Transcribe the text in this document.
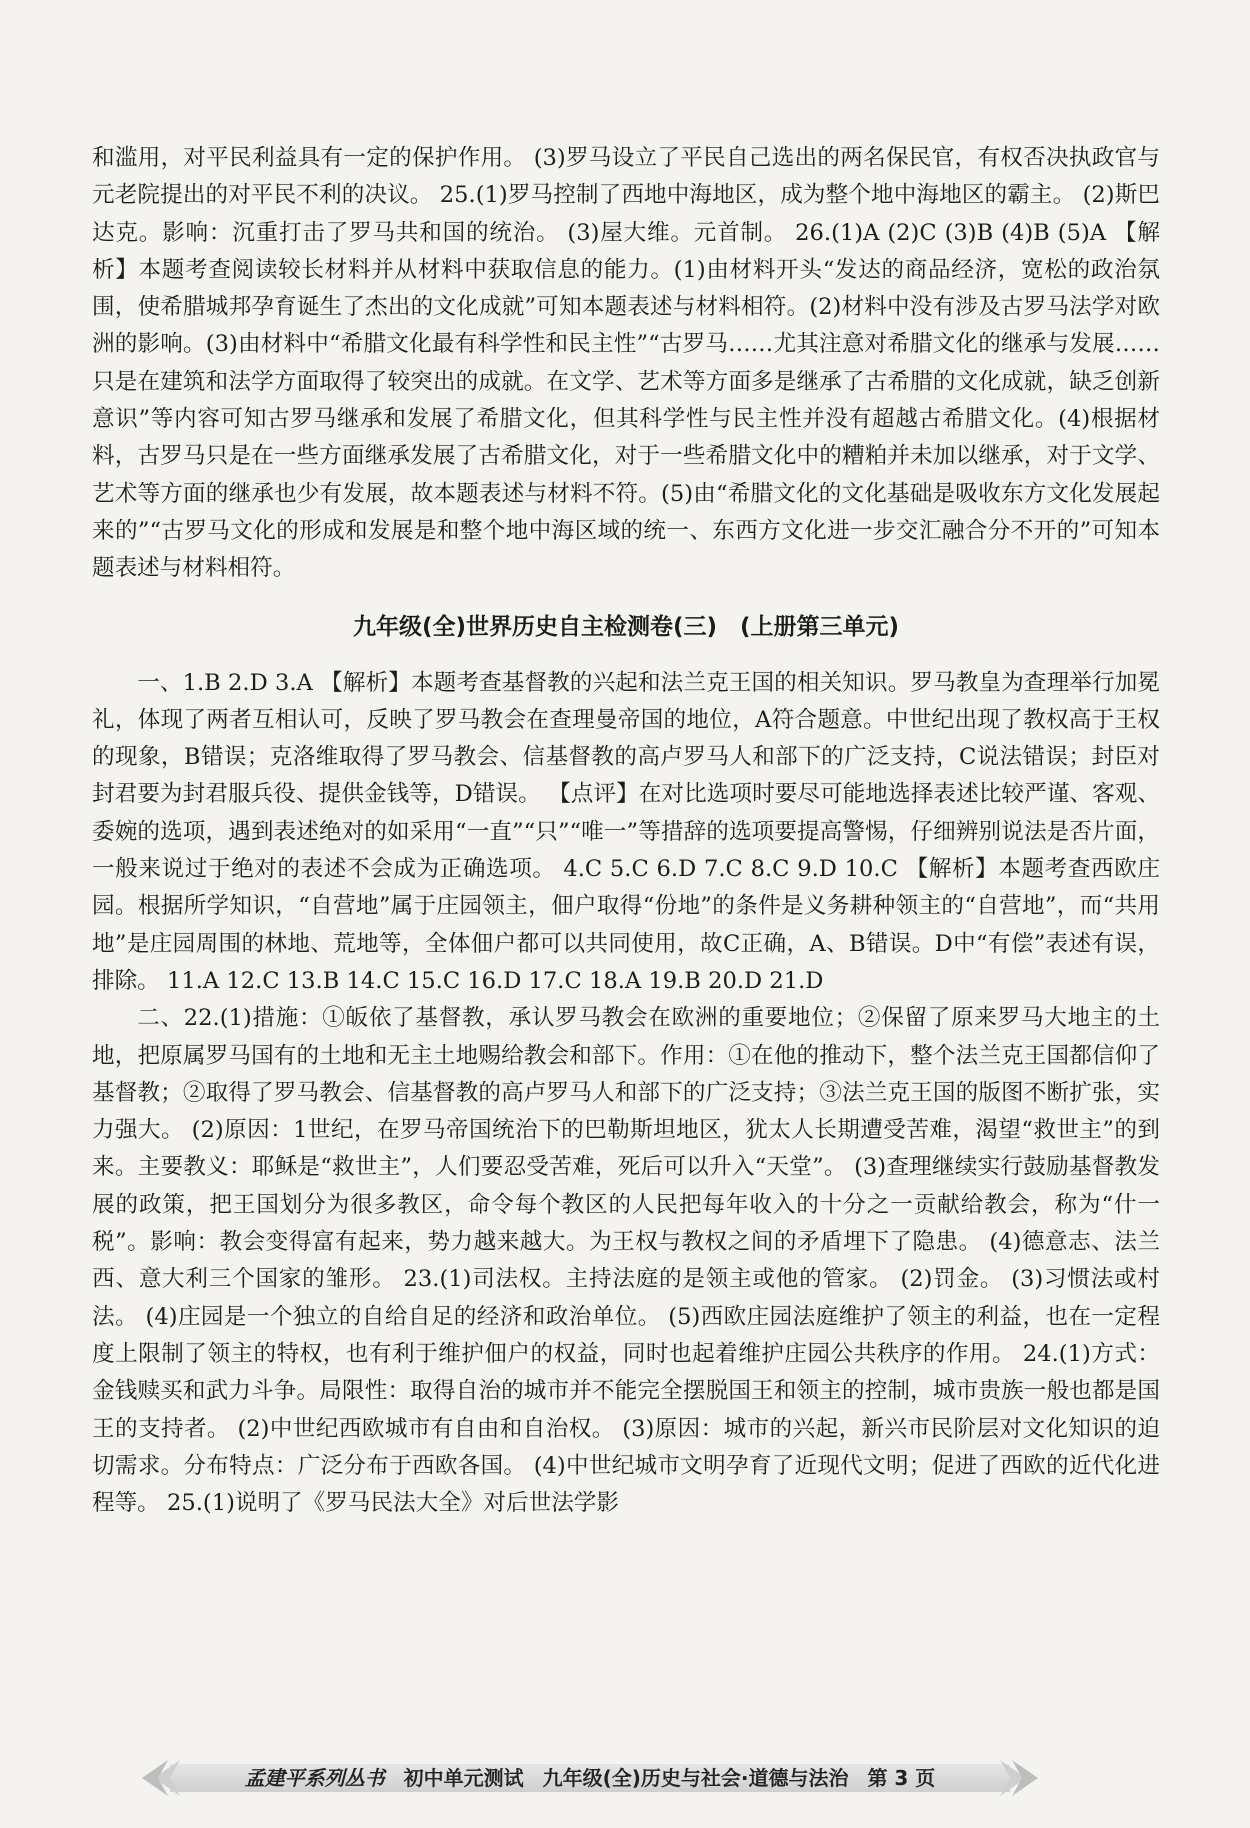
和滥用，对平民利益具有一定的保护作用。 (3)罗马设立了平民自己选出的两名保民官，有权否决执政官与元老院提出的对平民不利的决议。 25.(1)罗马控制了西地中海地区，成为整个地中海地区的霸主。 (2)斯巴达克。影响：沉重打击了罗马共和国的统治。 (3)屋大维。元首制。 26.(1)A (2)C (3)B (4)B (5)A 【解析】本题考查阅读较长材料并从材料中获取信息的能力。(1)由材料开头“发达的商品经济，宽松的政治氛围，使希腊城邦孕育诞生了杰出的文化成就”可知本题表述与材料相符。(2)材料中没有涉及古罗马法学对欧洲的影响。(3)由材料中“希腊文化最有科学性和民主性”“古罗马……尤其注意对希腊文化的继承与发展……只是在建筑和法学方面取得了较突出的成就。在文学、艺术等方面多是继承了古希腊的文化成就，缺乏创新意识”等内容可知古罗马继承和发展了希腊文化，但其科学性与民主性并没有超越古希腊文化。(4)根据材料，古罗马只是在一些方面继承发展了古希腊文化，对于一些希腊文化中的糟粕并未加以继承，对于文学、艺术等方面的继承也少有发展，故本题表述与材料不符。(5)由“希腊文化的文化基础是吸收东方文化发展起来的”“古罗马文化的形成和发展是和整个地中海区域的统一、东西方文化进一步交汇融合分不开的”可知本题表述与材料相符。

九年级(全)世界历史自主检测卷(三)　(上册第三单元)

一、1.B 2.D 3.A 【解析】本题考查基督教的兴起和法兰克王国的相关知识。罗马教皇为查理举行加冕礼，体现了两者互相认可，反映了罗马教会在查理曼帝国的地位，A符合题意。中世纪出现了教权高于王权的现象，B错误；克洛维取得了罗马教会、信基督教的高卢罗马人和部下的广泛支持，C说法错误；封臣对封君要为封君服兵役、提供金钱等，D错误。 【点评】在对比选项时要尽可能地选择表述比较严谨、客观、委婉的选项，遇到表述绝对的如采用“一直”“只”“唯一”等措辞的选项要提高警惕，仔细辨别说法是否片面，一般来说过于绝对的表述不会成为正确选项。 4.C 5.C 6.D 7.C 8.C 9.D 10.C 【解析】本题考查西欧庄园。根据所学知识，“自营地”属于庄园领主，佃户取得“份地”的条件是义务耕种领主的“自营地”，而“共用地”是庄园周围的林地、荒地等，全体佃户都可以共同使用，故C正确，A、B错误。D中“有偿”表述有误，排除。 11.A 12.C 13.B 14.C 15.C 16.D 17.C 18.A 19.B 20.D 21.D

二、22.(1)措施：①皈依了基督教，承认罗马教会在欧洲的重要地位；②保留了原来罗马大地主的土地，把原属罗马国有的土地和无主土地赐给教会和部下。作用：①在他的推动下，整个法兰克王国都信仰了基督教；②取得了罗马教会、信基督教的高卢罗马人和部下的广泛支持；③法兰克王国的版图不断扩张，实力强大。 (2)原因：1世纪，在罗马帝国统治下的巴勒斯坦地区，犹太人长期遭受苦难，渴望“救世主”的到来。主要教义：耶稣是“救世主”，人们要忍受苦难，死后可以升入“天堂”。 (3)查理继续实行鼓励基督教发展的政策，把王国划分为很多教区，命令每个教区的人民把每年收入的十分之一贡献给教会，称为“什一税”。影响：教会变得富有起来，势力越来越大。为王权与教权之间的矛盾埋下了隐患。 (4)德意志、法兰西、意大利三个国家的雏形。 23.(1)司法权。主持法庭的是领主或他的管家。 (2)罚金。 (3)习惯法或村法。 (4)庄园是一个独立的自给自足的经济和政治单位。 (5)西欧庄园法庭维护了领主的利益，也在一定程度上限制了领主的特权，也有利于维护佃户的权益，同时也起着维护庄园公共秩序的作用。 24.(1)方式：金钱赎买和武力斗争。局限性：取得自治的城市并不能完全摆脱国王和领主的控制，城市贵族一般也都是国王的支持者。 (2)中世纪西欧城市有自由和自治权。 (3)原因：城市的兴起，新兴市民阶层对文化知识的迫切需求。分布特点：广泛分布于西欧各国。 (4)中世纪城市文明孕育了近现代文明；促进了西欧的近代化进程等。 25.(1)说明了《罗马民法大全》对后世法学影

孟建平系列丛书 初中单元测试 九年级(全)历史与社会·道德与法治 第 3 页
